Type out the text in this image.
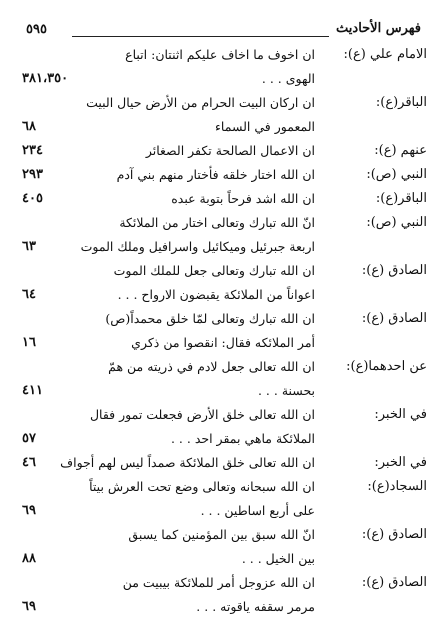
٥٩٥	فهرس الأحاديث
الامام علي (ع):
ان اخوف ما اخاف عليكم اثنتان: اتباع
الهوى . . .
٣٨١،٣٥٠
الباقر(ع):
ان اركان البيت الحرام من الأرض حيال البيت
المعمور في السماء
٦٨
عنهم (ع):
ان الاعمال الصالحة تكفر الصغائر
٢٣٤
النبي (ص):
ان الله اختار خلقه فأختار منهم بني آدم
٢٩٣
الباقر(ع):
ان الله اشد فرحاً بتوبة عبده
٤٠٥
النبي (ص):
انّ الله تبارك وتعالى اختار من الملائكة
اربعة جبرئيل وميكائيل واسرافيل وملك الموت
٦٣
الصادق (ع):
ان الله تبارك وتعالى جعل للملك الموت
اعواناً من الملائكة يقبضون الارواح . . .
٦٤
الصادق (ع):
ان الله تبارك وتعالى لمّا خلق محمداً(ص)
أمر الملائكه فقال: انقصوا من ذكري
١٦
عن احدهما(ع):
ان الله تعالى جعل لادم في ذريته من همّ
بحسنة . . .
٤١١
في الخبر:
ان الله تعالى خلق الأرض فجعلت تمور فقال
الملائكة ماهي بمقر احد . . .
٥٧
في الخبر:
ان الله تعالى خلق الملائكة صمداً ليس لهم أجواف
٤٦
السجاد(ع):
ان الله سبحانه وتعالى وضع تحت العرش بيتاً
على أربع اساطين . . .
٦٩
الصادق (ع):
انّ الله سبق بين المؤمنين كما يسبق
بين الخيل . . .
٨٨
الصادق (ع):
ان الله عزوجل أمر للملائكة بيبيت من
مرمر سقفه ياقوته . . .
٦٩
